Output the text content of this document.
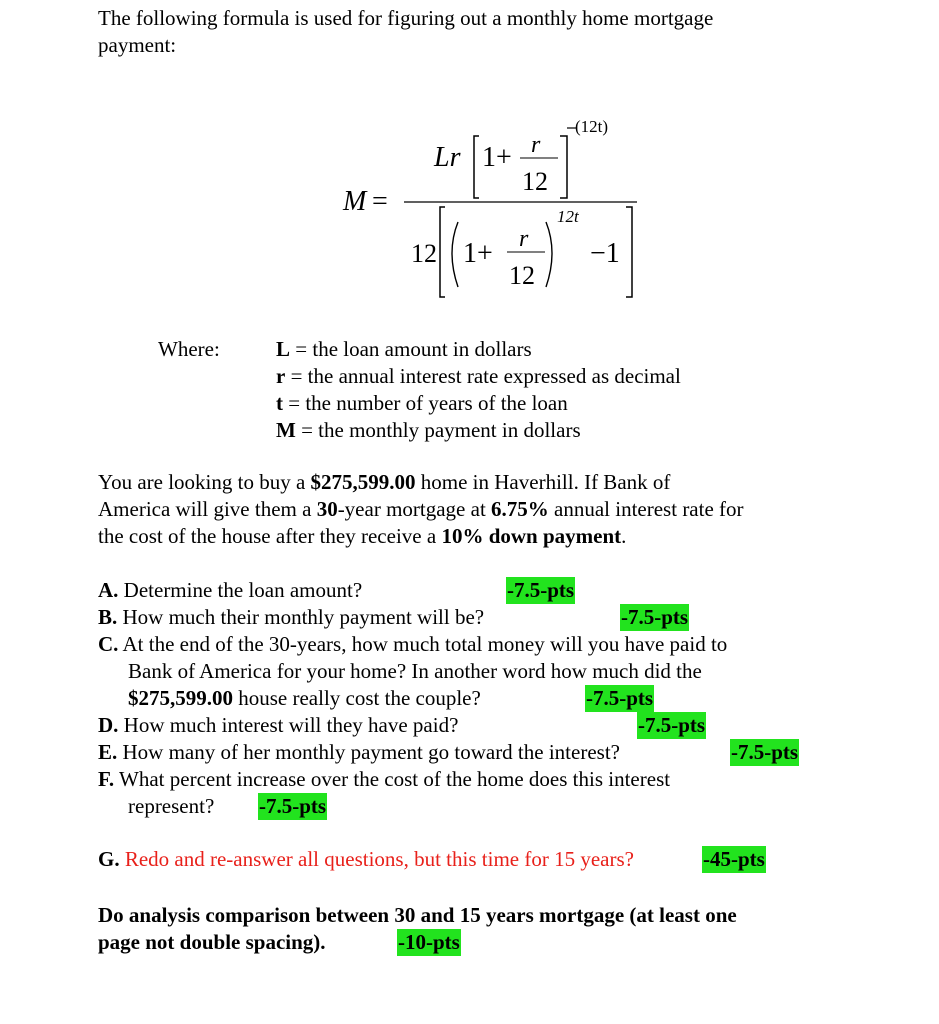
The following formula is used for figuring out a monthly home mortgage
payment:
M =
Lr 1+ r
12
(12t)
12 1+ r
12
12t
−1
Where:	L = the loan amount in dollars
r = the annual interest rate expressed as decimal
t = the number of years of the loan
M = the monthly payment in dollars
You are looking to buy a $275,599.00 home in Haverhill. If Bank of
America will give them a 30-year mortgage at 6.75% annual interest rate for
the cost of the house after they receive a 10% down payment.
A. Determine the loan amount?	-7.5-pts
B. How much their monthly payment will be?	-7.5-pts
C. At the end of the 30-years, how much total money will you have paid to
Bank of America for your home? In another word how much did the
$275,599.00 house really cost the couple?	-7.5-pts
D. How much interest will they have paid?	-7.5-pts
E. How many of her monthly payment go toward the interest?	-7.5-pts
F. What percent increase over the cost of the home does this interest
represent? -7.5-pts
G. Redo and re-answer all questions, but this time for 15 years?	-45-pts
Do analysis comparison between 30 and 15 years mortgage (at least one
page not double spacing).	-10-pts
